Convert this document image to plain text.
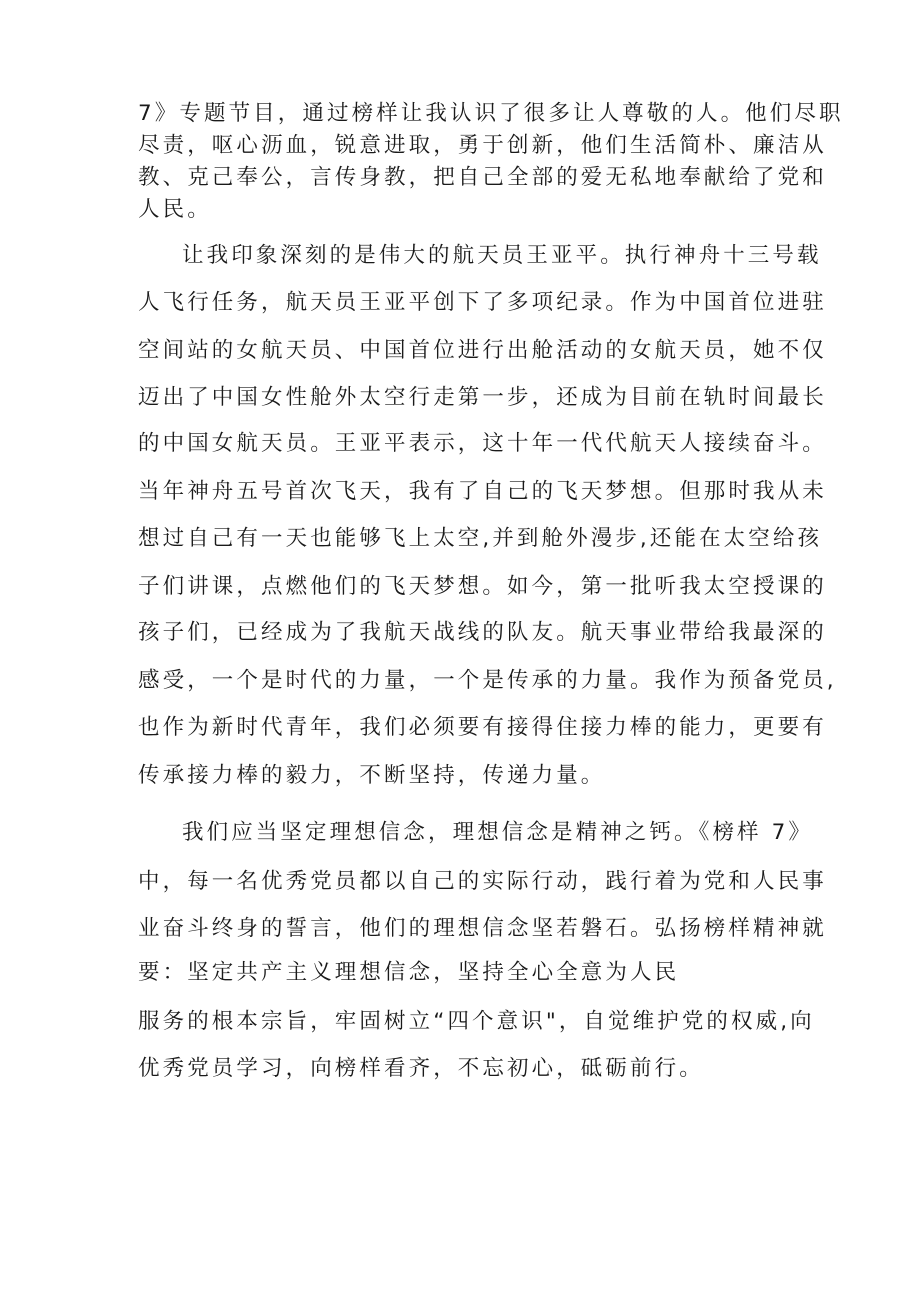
7》专题节目，通过榜样让我认识了很多让人尊敬的人。他们尽职
尽责，呕心沥血，锐意进取，勇于创新，他们生活简朴、廉洁从
教、克己奉公，言传身教，把自己全部的爱无私地奉献给了党和
人民。
让我印象深刻的是伟大的航天员王亚平。执行神舟十三号载
人飞行任务，航天员王亚平创下了多项纪录。作为中国首位进驻
空间站的女航天员、中国首位进行出舱活动的女航天员，她不仅
迈出了中国女性舱外太空行走第一步，还成为目前在轨时间最长
的中国女航天员。王亚平表示，这十年一代代航天人接续奋斗。
当年神舟五号首次飞天，我有了自己的飞天梦想。但那时我从未
想过自己有一天也能够飞上太空,并到舱外漫步,还能在太空给孩
子们讲课，点燃他们的飞天梦想。如今，第一批听我太空授课的
孩子们，已经成为了我航天战线的队友。航天事业带给我最深的
感受，一个是时代的力量，一个是传承的力量。我作为预备党员,
也作为新时代青年，我们必须要有接得住接力棒的能力，更要有
传承接力棒的毅力，不断坚持，传递力量。
我们应当坚定理想信念，理想信念是精神之钙。《榜样 7》
中，每一名优秀党员都以自己的实际行动，践行着为党和人民事
业奋斗终身的誓言，他们的理想信念坚若磐石。弘扬榜样精神就
要：坚定共产主义理想信念，坚持全心全意为人民
服务的根本宗旨，牢固树立“四个意识"，自觉维护党的权威,向
优秀党员学习，向榜样看齐，不忘初心，砥砺前行。
